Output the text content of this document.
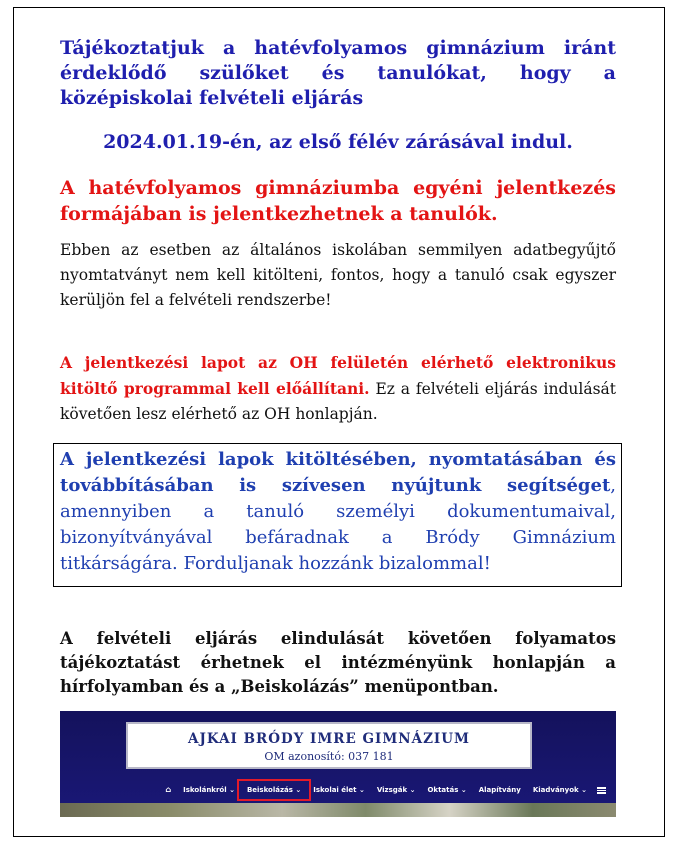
Tájékoztatjuk a hatévfolyamos gimnázium iránt érdeklődő szülőket és tanulókat, hogy a középiskolai felvételi eljárás

2024.01.19-én, az első félév zárásával indul.

A hatévfolyamos gimnáziumba egyéni jelentkezés formájában is jelentkezhetnek a tanulók.

Ebben az esetben az általános iskolában semmilyen adatbegyűjtő nyomtatványt nem kell kitölteni, fontos, hogy a tanuló csak egyszer kerüljön fel a felvételi rendszerbe!

A jelentkezési lapot az OH felületén elérhető elektronikus kitöltő programmal kell előállítani. Ez a felvételi eljárás indulását követően lesz elérhető az OH honlapján.

A jelentkezési lapok kitöltésében, nyomtatásában és továbbításában is szívesen nyújtunk segítséget, amennyiben a tanuló személyi dokumentumaival, bizonyítványával befáradnak a Bródy Gimnázium titkárságára. Forduljanak hozzánk bizalommal!

A felvételi eljárás elindulását követően folyamatos tájékoztatást érhetnek el intézményünk honlapján a hírfolyamban és a „Beiskolázás” menüpontban.

AJKAI BRÓDY IMRE GIMNÁZIUM
OM azonosító: 037 181
⌂	Iskolánkról ⌄	Beiskolázás ⌄	Iskolai élet ⌄	Vizsgák ⌄	Oktatás ⌄	Alapítvány	Kiadványok ⌄
